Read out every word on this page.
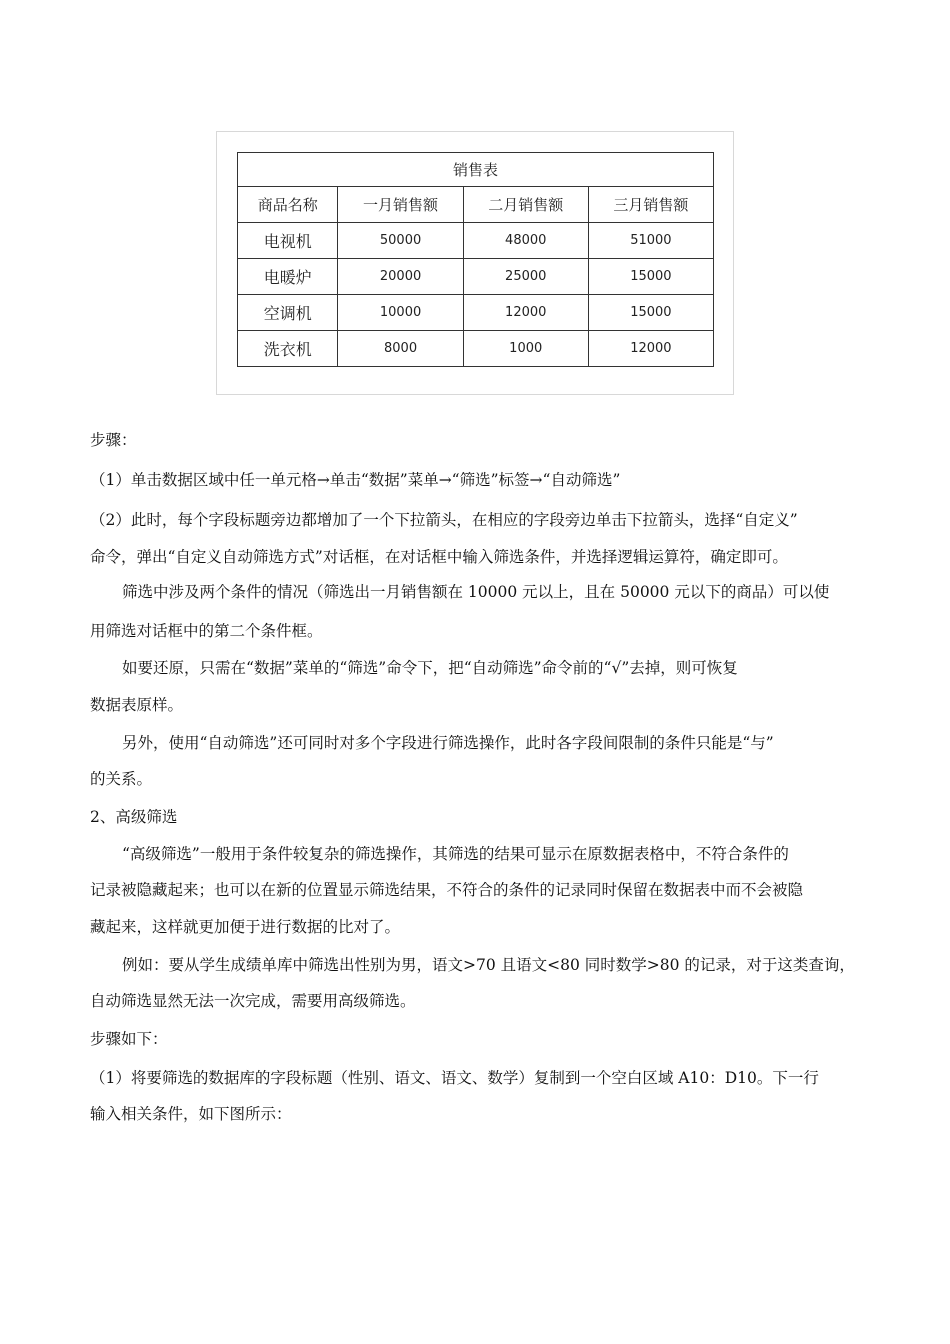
销售表			
商品名称	一月销售额	二月销售额	三月销售额
电视机	50000	48000	51000
电暖炉	20000	25000	15000
空调机	10000	12000	15000
洗衣机	8000	1000	12000

步骤：

（1）单击数据区域中任一单元格→单击“数据”菜单→“筛选”标签→“自动筛选”

（2）此时，每个字段标题旁边都增加了一个下拉箭头，在相应的字段旁边单击下拉箭头，选择“自定义”

命令，弹出“自定义自动筛选方式”对话框，在对话框中输入筛选条件，并选择逻辑运算符，确定即可。

筛选中涉及两个条件的情况（筛选出一月销售额在 10000 元以上，且在 50000 元以下的商品）可以使

用筛选对话框中的第二个条件框。

如要还原，只需在“数据”菜单的“筛选”命令下，把“自动筛选”命令前的“√”去掉，则可恢复

数据表原样。

另外，使用“自动筛选”还可同时对多个字段进行筛选操作，此时各字段间限制的条件只能是“与”

的关系。

2、高级筛选

“高级筛选”一般用于条件较复杂的筛选操作，其筛选的结果可显示在原数据表格中，不符合条件的

记录被隐藏起来；也可以在新的位置显示筛选结果，不符合的条件的记录同时保留在数据表中而不会被隐

藏起来，这样就更加便于进行数据的比对了。

例如：要从学生成绩单库中筛选出性别为男，语文>70 且语文<80 同时数学>80 的记录，对于这类查询，

自动筛选显然无法一次完成，需要用高级筛选。

步骤如下：

（1）将要筛选的数据库的字段标题（性别、语文、语文、数学）复制到一个空白区域 A10：D10。下一行

输入相关条件，如下图所示：
